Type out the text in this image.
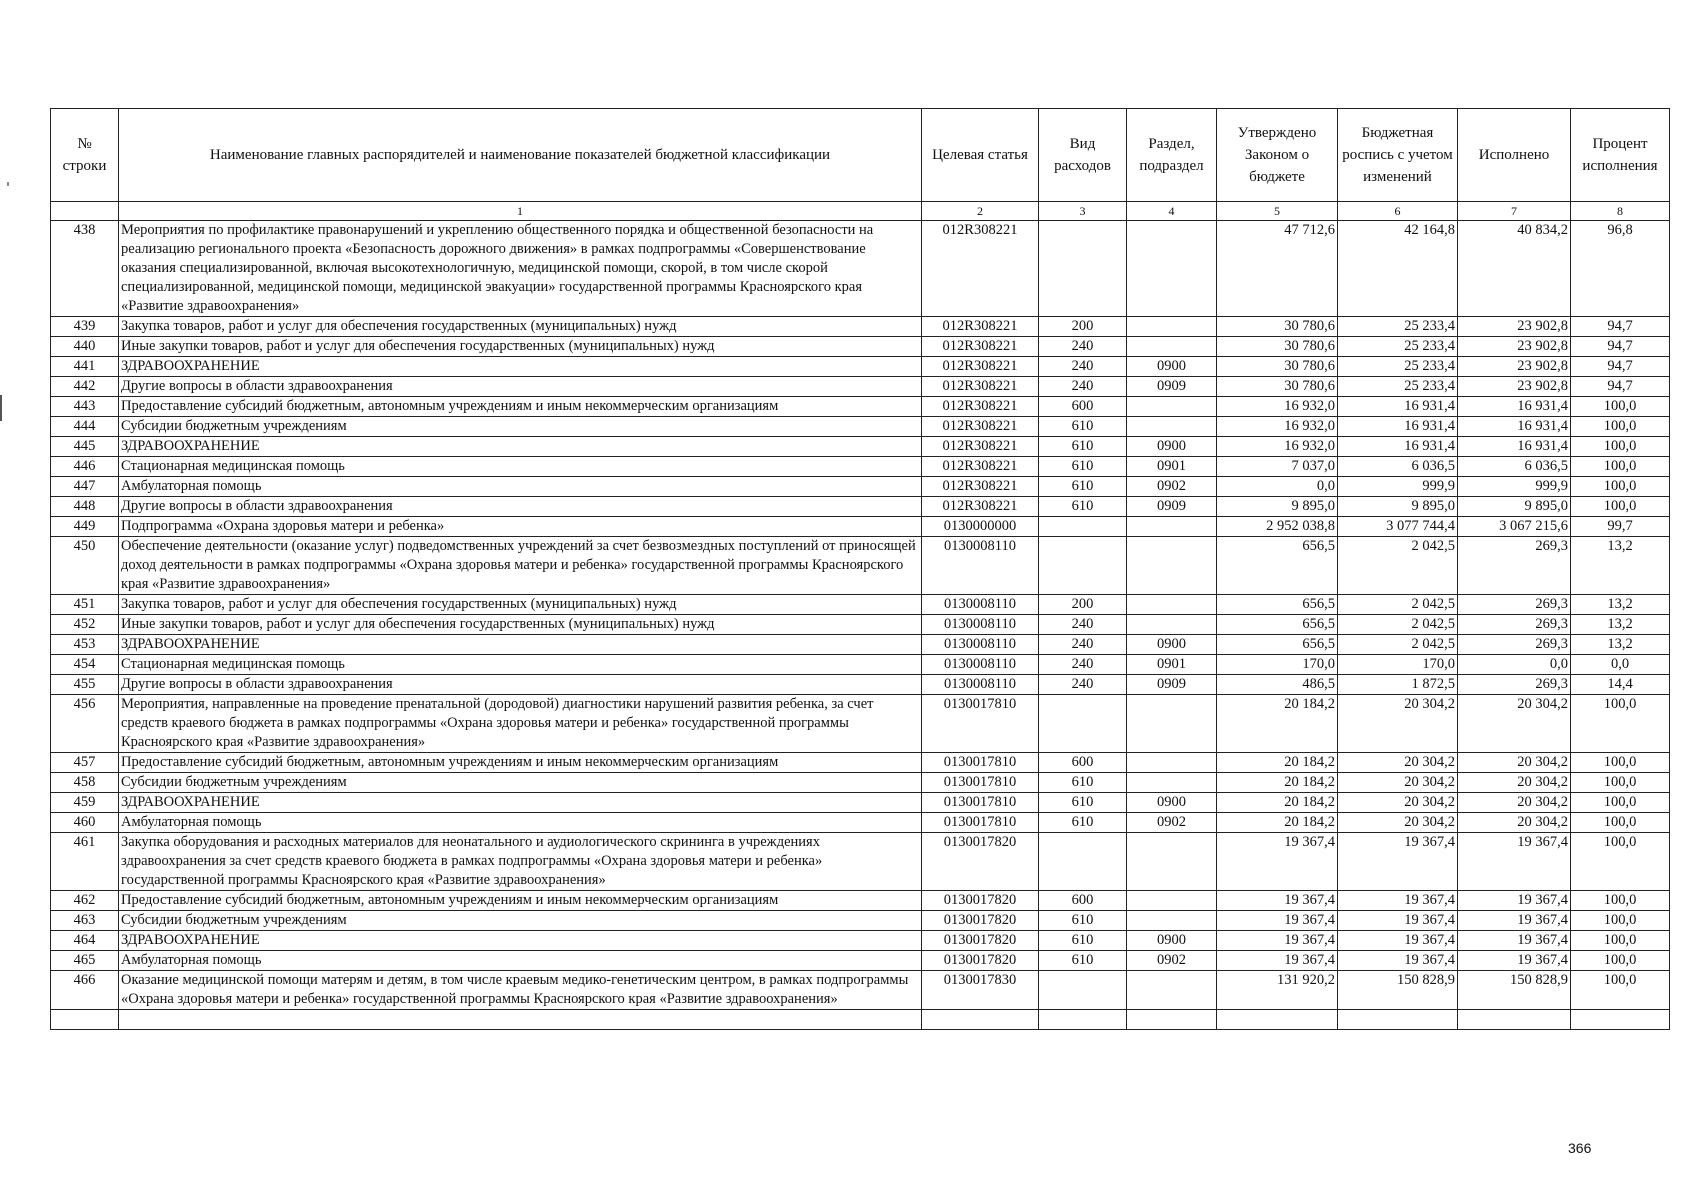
№ строки	Наименование главных распорядителей и наименование показателей бюджетной классификации	Целевая статья	Вид расходов	Раздел, подраздел	Утверждено Законом о бюджете	Бюджетная роспись с учетом изменений	Исполнено	Процент исполнения
	1	2	3	4	5	6	7	8
438	Мероприятия по профилактике правонарушений и укреплению общественного порядка и общественной безопасности на реализацию регионального проекта «Безопасность дорожного движения» в рамках подпрограммы «Совершенствование оказания специализированной, включая высокотехнологичную, медицинской помощи, скорой, в том числе скорой специализированной, медицинской помощи, медицинской эвакуации» государственной программы Красноярского края «Развитие здравоохранения»	012R308221			47 712,6	42 164,8	40 834,2	96,8
439	Закупка товаров, работ и услуг для обеспечения государственных (муниципальных) нужд	012R308221	200		30 780,6	25 233,4	23 902,8	94,7
440	Иные закупки товаров, работ и услуг для обеспечения государственных (муниципальных) нужд	012R308221	240		30 780,6	25 233,4	23 902,8	94,7
441	ЗДРАВООХРАНЕНИЕ	012R308221	240	0900	30 780,6	25 233,4	23 902,8	94,7
442	Другие вопросы в области здравоохранения	012R308221	240	0909	30 780,6	25 233,4	23 902,8	94,7
443	Предоставление субсидий бюджетным, автономным учреждениям и иным некоммерческим организациям	012R308221	600		16 932,0	16 931,4	16 931,4	100,0
444	Субсидии бюджетным учреждениям	012R308221	610		16 932,0	16 931,4	16 931,4	100,0
445	ЗДРАВООХРАНЕНИЕ	012R308221	610	0900	16 932,0	16 931,4	16 931,4	100,0
446	Стационарная медицинская помощь	012R308221	610	0901	7 037,0	6 036,5	6 036,5	100,0
447	Амбулаторная помощь	012R308221	610	0902	0,0	999,9	999,9	100,0
448	Другие вопросы в области здравоохранения	012R308221	610	0909	9 895,0	9 895,0	9 895,0	100,0
449	Подпрограмма «Охрана здоровья матери и ребенка»	0130000000			2 952 038,8	3 077 744,4	3 067 215,6	99,7
450	Обеспечение деятельности (оказание услуг) подведомственных учреждений за счет безвозмездных поступлений от приносящей доход деятельности в рамках подпрограммы «Охрана здоровья матери и ребенка» государственной программы Красноярского края «Развитие здравоохранения»	0130008110			656,5	2 042,5	269,3	13,2
451	Закупка товаров, работ и услуг для обеспечения государственных (муниципальных) нужд	0130008110	200		656,5	2 042,5	269,3	13,2
452	Иные закупки товаров, работ и услуг для обеспечения государственных (муниципальных) нужд	0130008110	240		656,5	2 042,5	269,3	13,2
453	ЗДРАВООХРАНЕНИЕ	0130008110	240	0900	656,5	2 042,5	269,3	13,2
454	Стационарная медицинская помощь	0130008110	240	0901	170,0	170,0	0,0	0,0
455	Другие вопросы в области здравоохранения	0130008110	240	0909	486,5	1 872,5	269,3	14,4
456	Мероприятия, направленные на проведение пренатальной (дородовой) диагностики нарушений развития ребенка, за счет средств краевого бюджета в рамках подпрограммы «Охрана здоровья матери и ребенка» государственной программы Красноярского края «Развитие здравоохранения»	0130017810			20 184,2	20 304,2	20 304,2	100,0
457	Предоставление субсидий бюджетным, автономным учреждениям и иным некоммерческим организациям	0130017810	600		20 184,2	20 304,2	20 304,2	100,0
458	Субсидии бюджетным учреждениям	0130017810	610		20 184,2	20 304,2	20 304,2	100,0
459	ЗДРАВООХРАНЕНИЕ	0130017810	610	0900	20 184,2	20 304,2	20 304,2	100,0
460	Амбулаторная помощь	0130017810	610	0902	20 184,2	20 304,2	20 304,2	100,0
461	Закупка оборудования и расходных материалов для неонатального и аудиологического скрининга в учреждениях здравоохранения за счет средств краевого бюджета в рамках подпрограммы «Охрана здоровья матери и ребенка» государственной программы Красноярского края «Развитие здравоохранения»	0130017820			19 367,4	19 367,4	19 367,4	100,0
462	Предоставление субсидий бюджетным, автономным учреждениям и иным некоммерческим организациям	0130017820	600		19 367,4	19 367,4	19 367,4	100,0
463	Субсидии бюджетным учреждениям	0130017820	610		19 367,4	19 367,4	19 367,4	100,0
464	ЗДРАВООХРАНЕНИЕ	0130017820	610	0900	19 367,4	19 367,4	19 367,4	100,0
465	Амбулаторная помощь	0130017820	610	0902	19 367,4	19 367,4	19 367,4	100,0
466	Оказание медицинской помощи матерям и детям, в том числе краевым медико-генетическим центром, в рамках подпрограммы «Охрана здоровья матери и ребенка» государственной программы Красноярского края «Развитие здравоохранения»	0130017830			131 920,2	150 828,9	150 828,9	100,0

366
